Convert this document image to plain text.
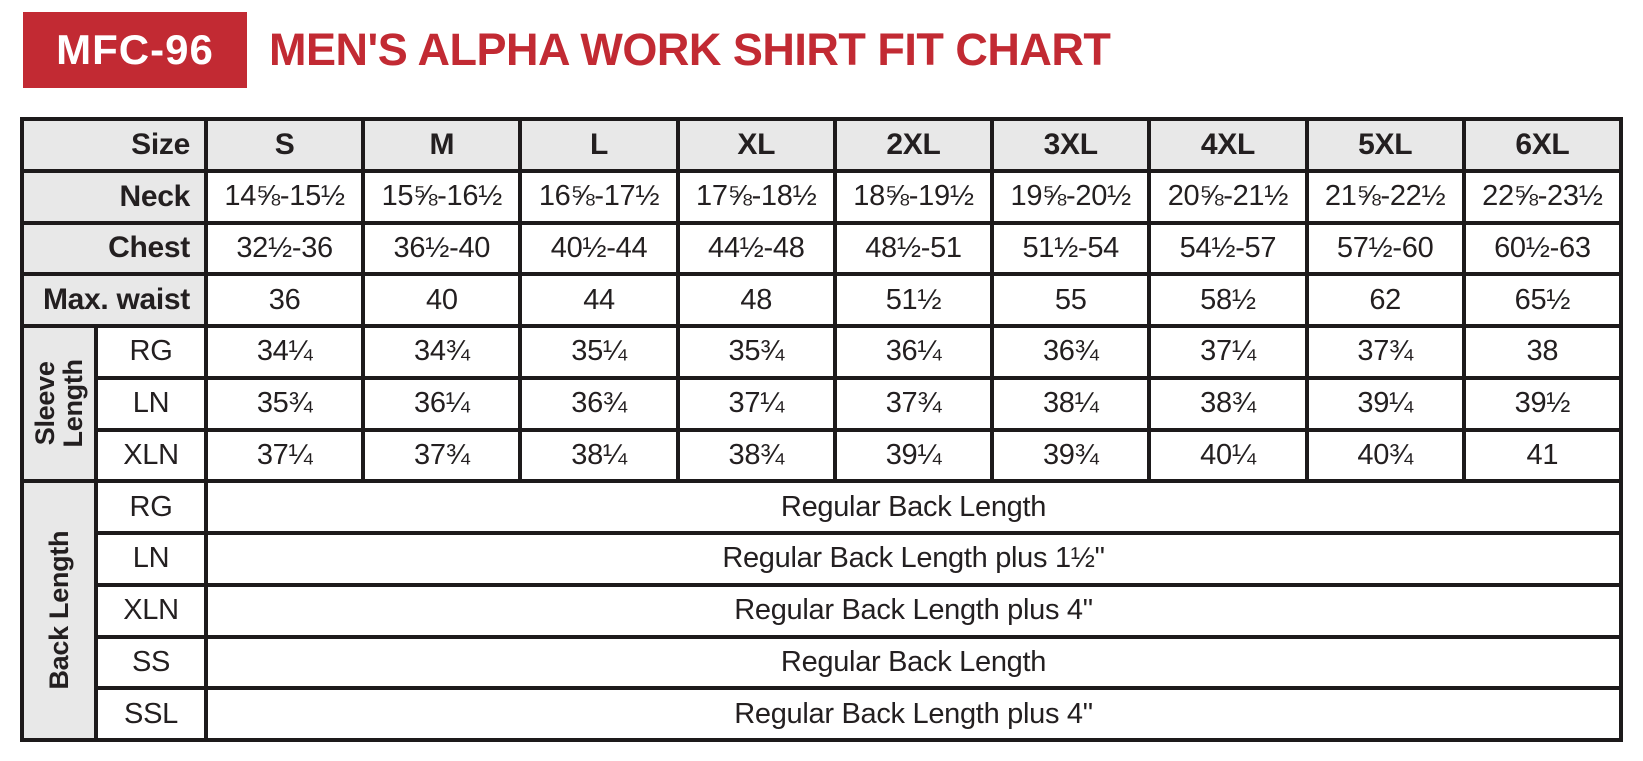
MFC-96	MEN'S ALPHA WORK SHIRT FIT CHART
Size	S	M	L	XL	2XL	3XL	4XL	5XL	6XL
Neck	14⅝-15½	15⅝-16½	16⅝-17½	17⅝-18½	18⅝-19½	19⅝-20½	20⅝-21½	21⅝-22½	22⅝-23½
Chest	32½-36	36½-40	40½-44	44½-48	48½-51	51½-54	54½-57	57½-60	60½-63
Max. waist	36	40	44	48	51½	55	58½	62	65½
Sleeve
Length
RG	34¼	34¾	35¼	35¾	36¼	36¾	37¼	37¾	38
LN	35¾	36¼	36¾	37¼	37¾	38¼	38¾	39¼	39½
XLN	37¼	37¾	38¼	38¾	39¼	39¾	40¼	40¾	41
Back Length
RG	Regular Back Length
LN	Regular Back Length plus 1½"
XLN	Regular Back Length plus 4"
SS	Regular Back Length
SSL	Regular Back Length plus 4"
